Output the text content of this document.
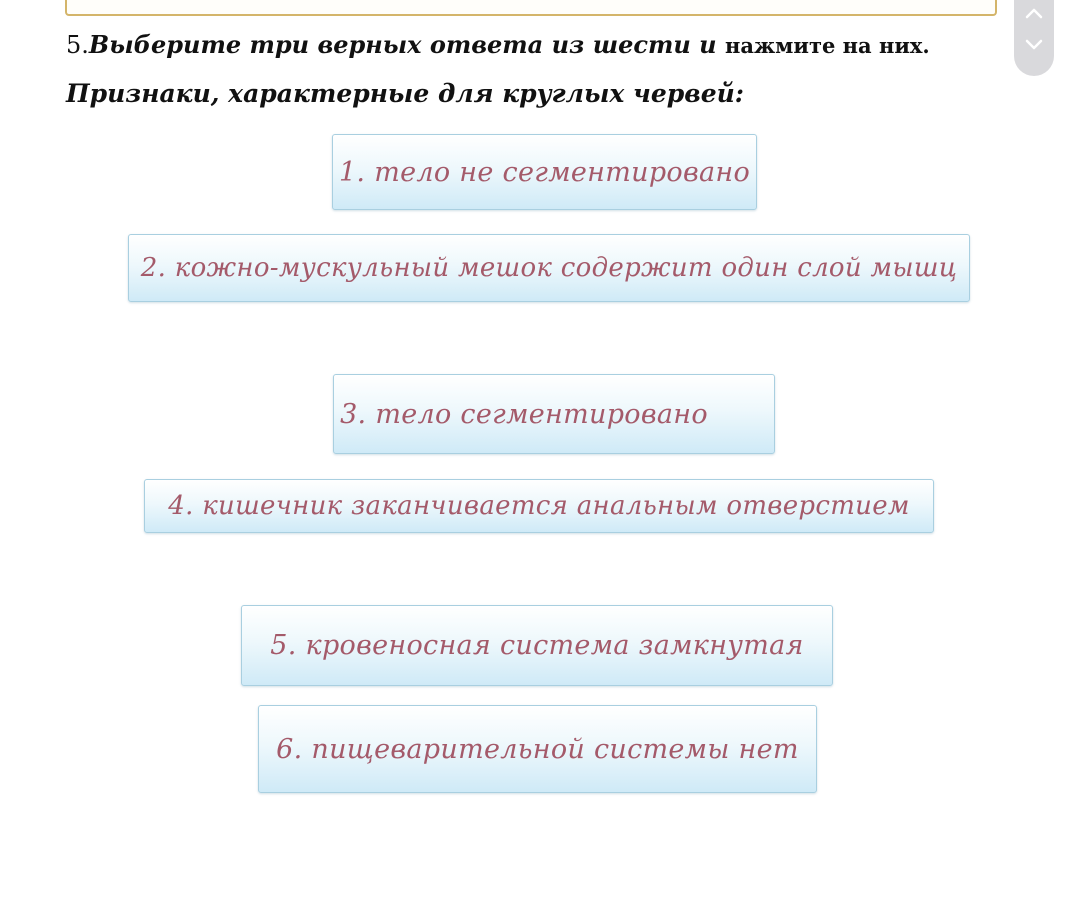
5.Выберите три верных ответа из шести и нажмите на них.
Признаки, характерные для круглых червей:
1. тело не сегментировано
2. кожно-мускульный мешок содержит один слой мышц
3. тело сегментировано
4. кишечник заканчивается анальным отверстием
5. кровеносная система замкнутая
6. пищеварительной системы нет
